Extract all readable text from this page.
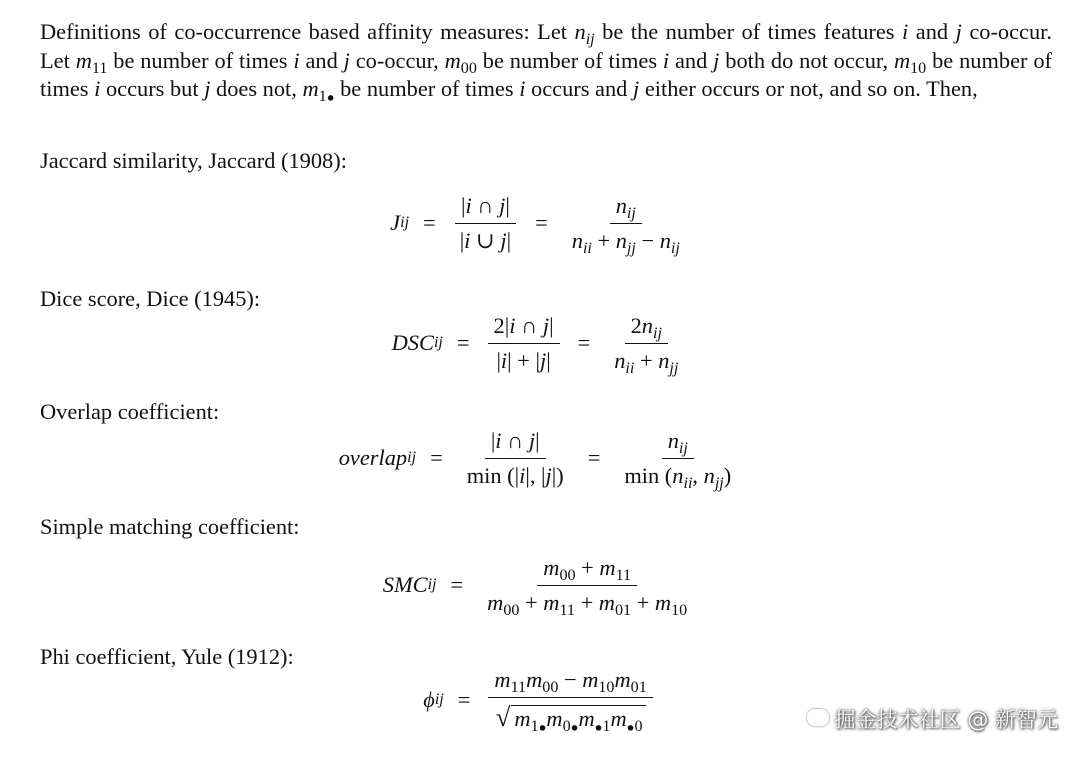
Definitions of co-occurrence based affinity measures: Let $n_{ij}$ be the number of times features i and j co-occur. Let $m_{11}$ be number of times i and j co-occur, $m_{00}$ be number of times i and j both do not occur, $m_{10}$ be number of times i occurs but j does not, $m_{1●}$ be number of times i occurs and j either occurs or not, and so on. Then,
Jaccard similarity, Jaccard (1908):
J ij = $\frac{|i \cap j|}{|i \cup j|} = \frac{n_{ij}}{n_{ii} + n_{jj} - n_{ij}}$
Dice score, Dice (1945):
DSC ij = $\frac{2|i \cap j|}{|i| + |j|} = \frac{2n_{ij}}{n_{ii} + n_{jj}}$
Overlap coefficient:
overlap ij = $\frac{|i \cap j|}{\min (|i|, |j|)} = \frac{n_{ij}}{\min (n_{ii}, n_{jj})}$
Simple matching coefficient:
SMC ij = $\frac{m_{00} + m_{11}}{m_{00} + m_{11} + m_{01} + m_{10}}$
Phi coefficient, Yule (1912):
ϕ ij = $\frac{m_{11}m_{00} - m_{10}m_{01}}{√ m_{1●}m_{0●}m_{●1}m_{●0}}$	掘金技术社区 @ 新智元
